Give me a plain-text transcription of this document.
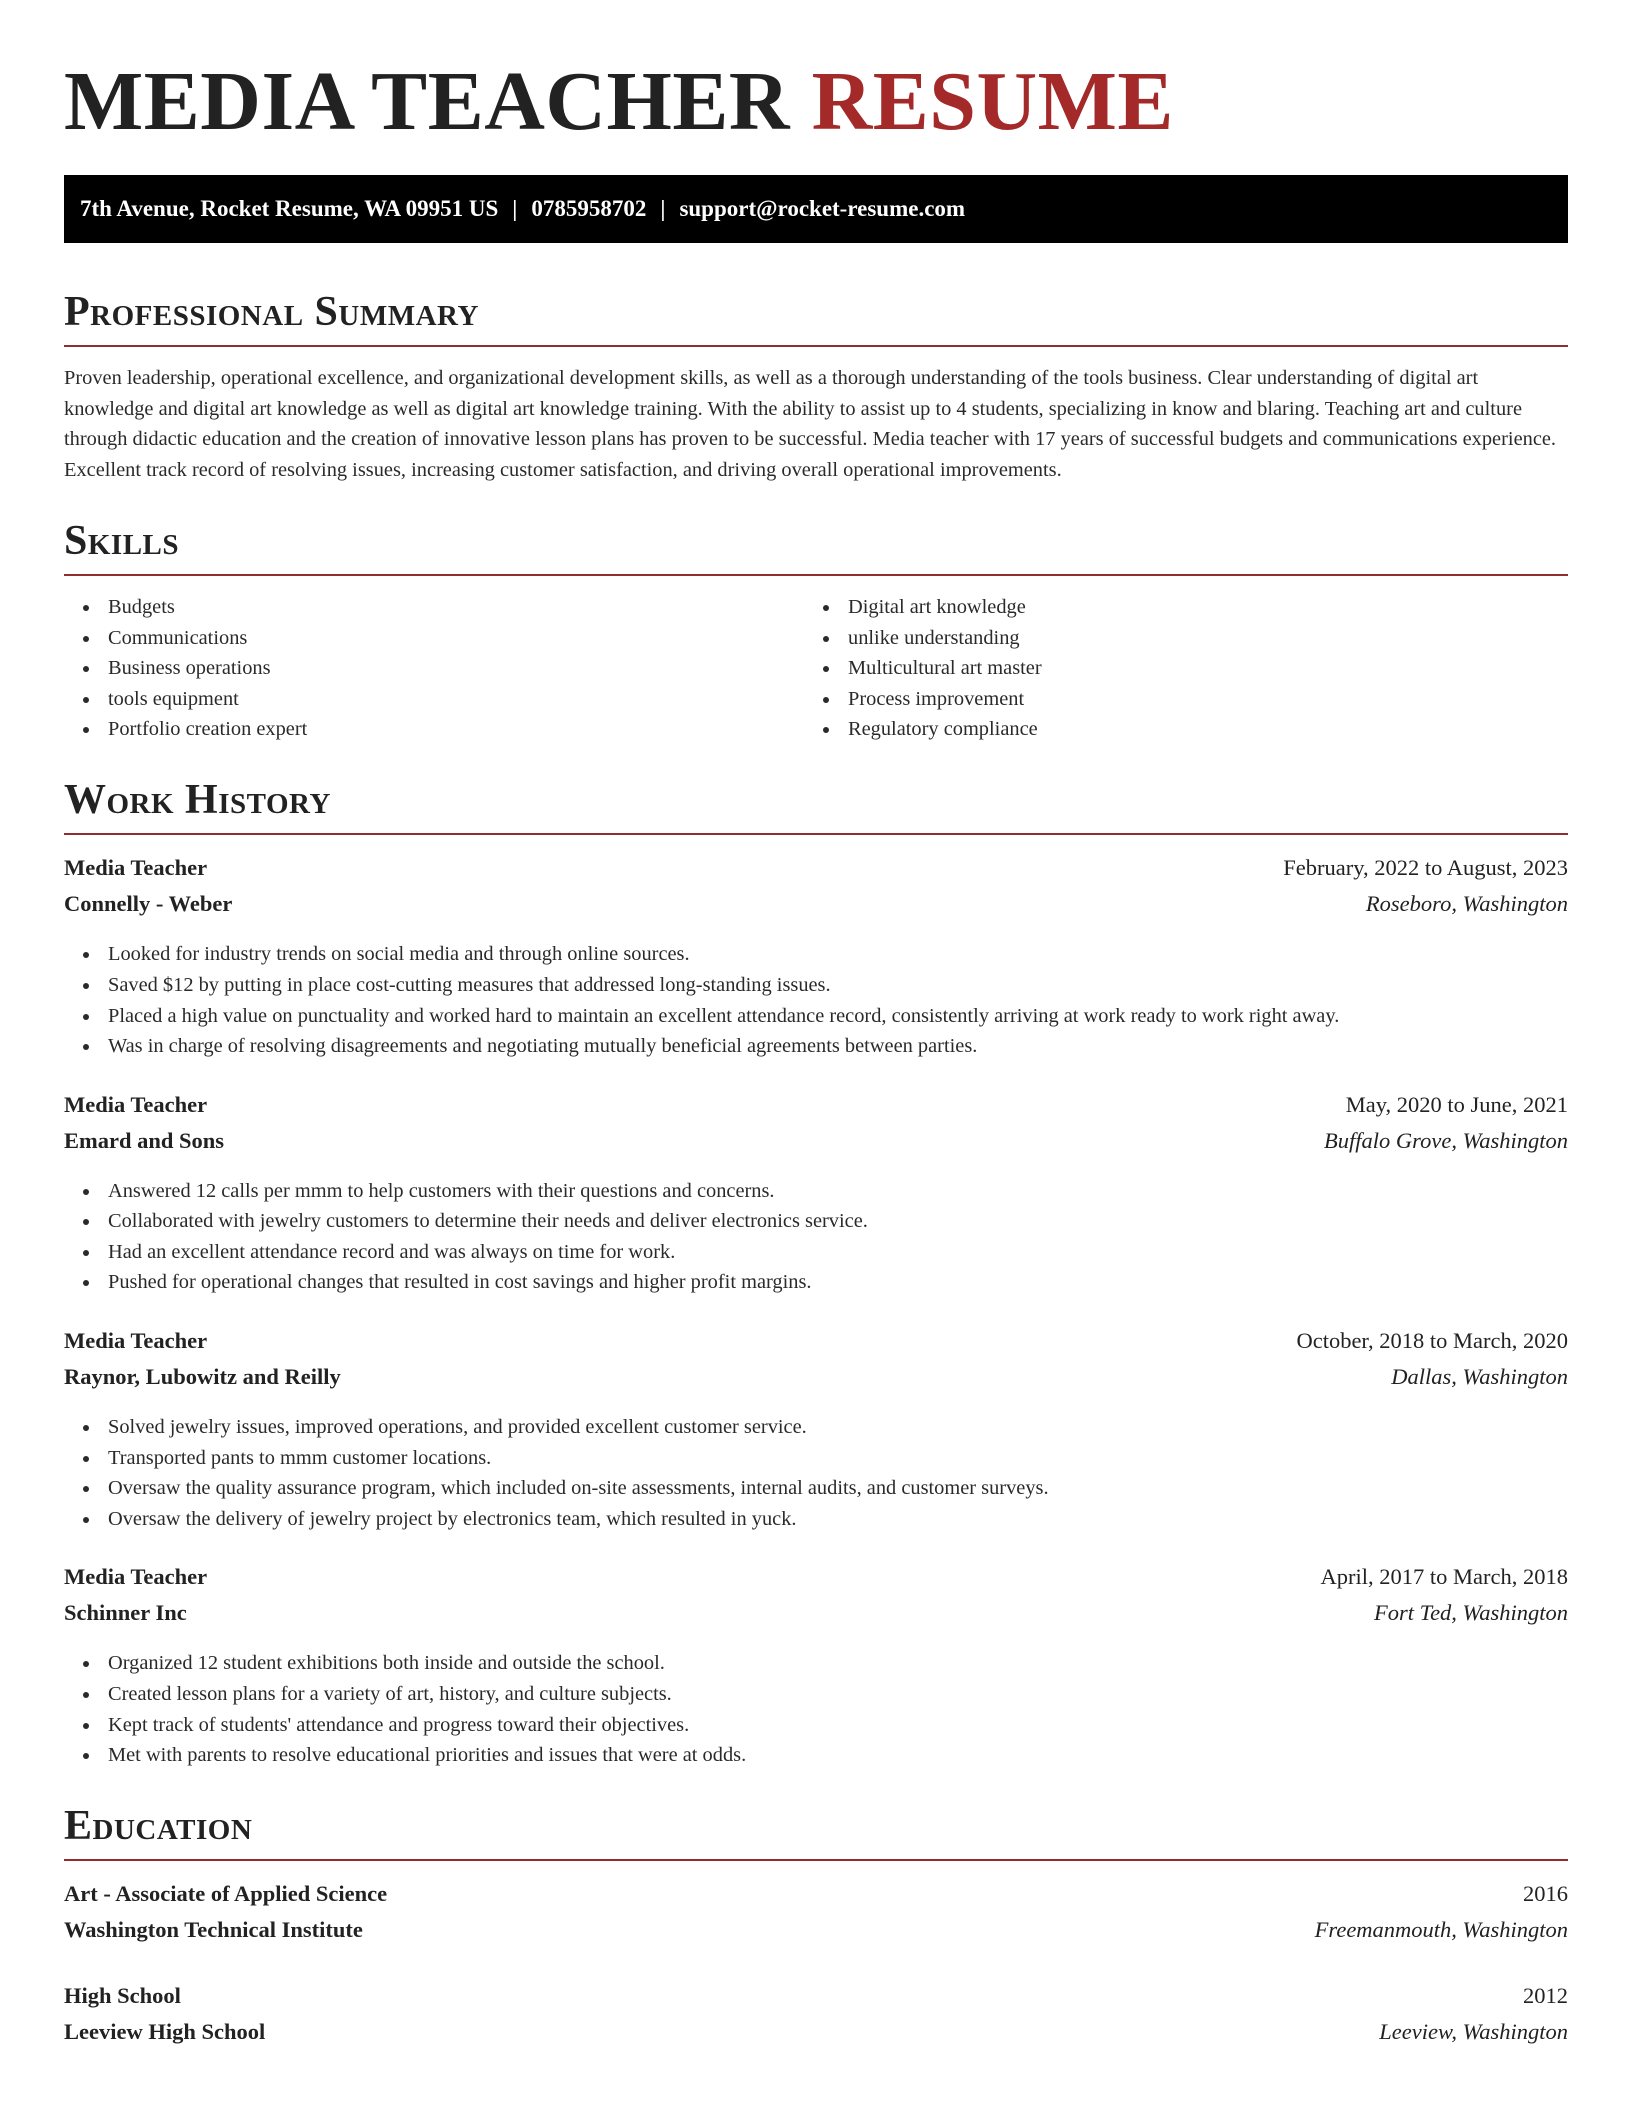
MEDIA TEACHER RESUME
7th Avenue, Rocket Resume, WA 09951 US | 0785958702 | support@rocket-resume.com
Professional Summary

Proven leadership, operational excellence, and organizational development skills, as well as a thorough understanding of the tools business. Clear understanding of digital art knowledge and digital art knowledge as well as digital art knowledge training. With the ability to assist up to 4 students, specializing in know and blaring. Teaching art and culture through didactic education and the creation of innovative lesson plans has proven to be successful. Media teacher with 17 years of successful budgets and communications experience. Excellent track record of resolving issues, increasing customer satisfaction, and driving overall operational improvements.

Skills
Budgets
Communications
Business operations
tools equipment
Portfolio creation expert
Digital art knowledge
unlike understanding
Multicultural art master
Process improvement
Regulatory compliance
Work History
Media Teacher	February, 2022 to August, 2023
Connelly - Weber	Roseboro, Washington
Looked for industry trends on social media and through online sources.
Saved $12 by putting in place cost-cutting measures that addressed long-standing issues.
Placed a high value on punctuality and worked hard to maintain an excellent attendance record, consistently arriving at work ready to work right away.
Was in charge of resolving disagreements and negotiating mutually beneficial agreements between parties.
Media Teacher	May, 2020 to June, 2021
Emard and Sons	Buffalo Grove, Washington
Answered 12 calls per mmm to help customers with their questions and concerns.
Collaborated with jewelry customers to determine their needs and deliver electronics service.
Had an excellent attendance record and was always on time for work.
Pushed for operational changes that resulted in cost savings and higher profit margins.
Media Teacher	October, 2018 to March, 2020
Raynor, Lubowitz and Reilly	Dallas, Washington
Solved jewelry issues, improved operations, and provided excellent customer service.
Transported pants to mmm customer locations.
Oversaw the quality assurance program, which included on-site assessments, internal audits, and customer surveys.
Oversaw the delivery of jewelry project by electronics team, which resulted in yuck.
Media Teacher	April, 2017 to March, 2018
Schinner Inc	Fort Ted, Washington
Organized 12 student exhibitions both inside and outside the school.
Created lesson plans for a variety of art, history, and culture subjects.
Kept track of students' attendance and progress toward their objectives.
Met with parents to resolve educational priorities and issues that were at odds.
Education
Art - Associate of Applied Science	2016
Washington Technical Institute	Freemanmouth, Washington
High School	2012
Leeview High School	Leeview, Washington
